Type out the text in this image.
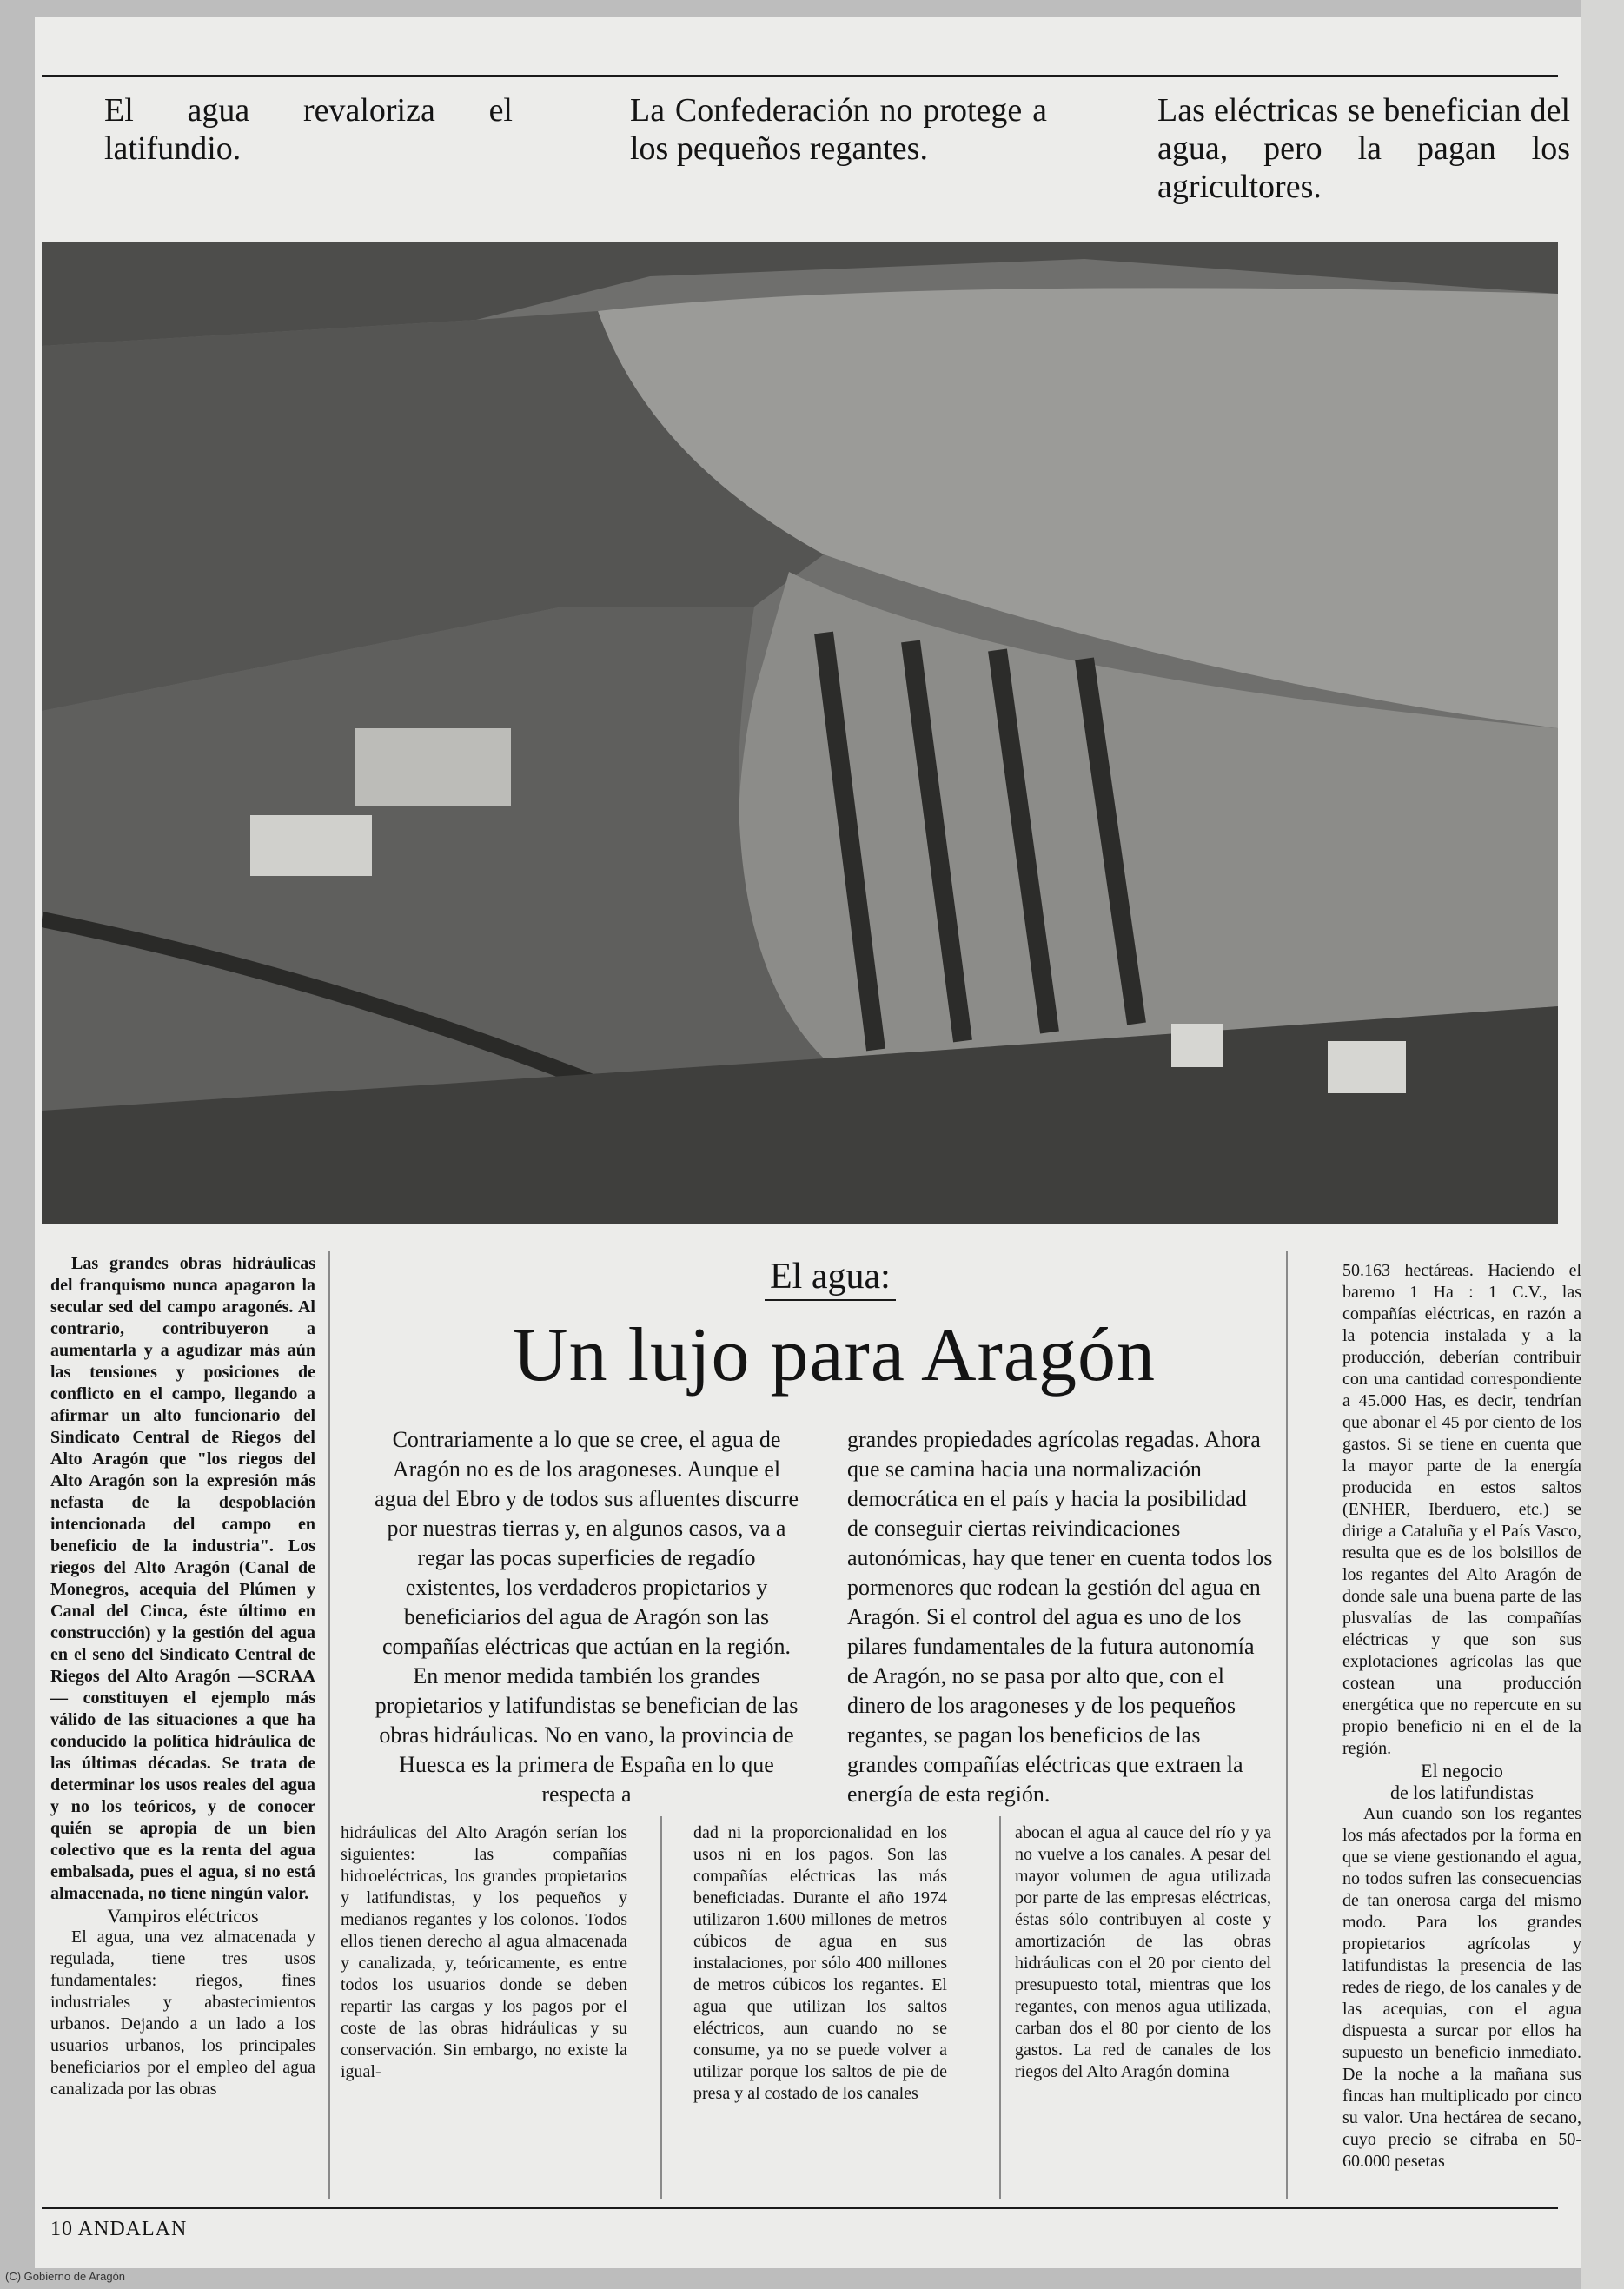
El agua revaloriza el latifundio.
La Confederación no protege a los pequeños regantes.
Las eléctricas se benefician del agua, pero la pagan los agricultores.

Las grandes obras hidráulicas del franquismo nunca apagaron la secular sed del campo aragonés. Al contrario, contribuyeron a aumentarla y a agudizar más aún las tensiones y posiciones de conflicto en el campo, llegando a afirmar un alto funcionario del Sindicato Central de Riegos del Alto Aragón que "los riegos del Alto Aragón son la expresión más nefasta de la despoblación intencionada del campo en beneficio de la industria". Los riegos del Alto Aragón (Canal de Monegros, acequia del Plúmen y Canal del Cinca, éste último en construcción) y la gestión del agua en el seno del Sindicato Central de Riegos del Alto Aragón —SCRAA— constituyen el ejemplo más válido de las situaciones a que ha conducido la política hidráulica de las últimas décadas. Se trata de determinar los usos reales del agua y no los teóricos, y de conocer quién se apropia de un bien colectivo que es la renta del agua embalsada, pues el agua, si no está almacenada, no tiene ningún valor.

Vampiros eléctricos

El agua, una vez almacenada y regulada, tiene tres usos fundamentales: riegos, fines industriales y abastecimientos urbanos. Dejando a un lado a los usuarios urbanos, los principales beneficiarios por el empleo del agua canalizada por las obras

El agua:
Un lujo para Aragón
Contrariamente a lo que se cree, el agua de Aragón no es de los aragoneses. Aunque el agua del Ebro y de todos sus afluentes discurre por nuestras tierras y, en algunos casos, va a regar las pocas superficies de regadío existentes, los verdaderos propietarios y beneficiarios del agua de Aragón son las compañías eléctricas que actúan en la región. En menor medida también los grandes propietarios y latifundistas se benefician de las obras hidráulicas. No en vano, la provincia de Huesca es la primera de España en lo que respecta a
grandes propiedades agrícolas regadas. Ahora que se camina hacia una normalización democrática en el país y hacia la posibilidad de conseguir ciertas reivindicaciones autonómicas, hay que tener en cuenta todos los pormenores que rodean la gestión del agua en Aragón. Si el control del agua es uno de los pilares fundamentales de la futura autonomía de Aragón, no se pasa por alto que, con el dinero de los aragoneses y de los pequeños regantes, se pagan los beneficios de las grandes compañías eléctricas que extraen la energía de esta región.

hidráulicas del Alto Aragón serían los siguientes: las compañías hidroeléctricas, los grandes propietarios y latifundistas, y los pequeños y medianos regantes y los colonos. Todos ellos tienen derecho al agua almacenada y canalizada, y, teóricamente, es entre todos los usuarios donde se deben repartir las cargas y los pagos por el coste de las obras hidráulicas y su conservación. Sin embargo, no existe la igual-

dad ni la proporcionalidad en los usos ni en los pagos. Son las compañías eléctricas las más beneficiadas. Durante el año 1974 utilizaron 1.600 millones de metros cúbicos de agua en sus instalaciones, por sólo 400 millones de metros cúbicos los regantes. El agua que utilizan los saltos eléctricos, aun cuando no se consume, ya no se puede volver a utilizar porque los saltos de pie de presa y al costado de los canales

abocan el agua al cauce del río y ya no vuelve a los canales. A pesar del mayor volumen de agua utilizada por parte de las empresas eléctricas, éstas sólo contribuyen al coste y amortización de las obras hidráulicas con el 20 por ciento del presupuesto total, mientras que los regantes, con menos agua utilizada, carban dos el 80 por ciento de los gastos. La red de canales de los riegos del Alto Aragón domina

50.163 hectáreas. Haciendo el baremo 1 Ha : 1 C.V., las compañías eléctricas, en razón a la potencia instalada y a la producción, deberían contribuir con una cantidad correspondiente a 45.000 Has, es decir, tendrían que abonar el 45 por ciento de los gastos. Si se tiene en cuenta que la mayor parte de la energía producida en estos saltos (ENHER, Iberduero, etc.) se dirige a Cataluña y el País Vasco, resulta que es de los bolsillos de los regantes del Alto Aragón de donde sale una buena parte de las plusvalías de las compañías eléctricas y que son sus explotaciones agrícolas las que costean una producción energética que no repercute en su propio beneficio ni en el de la región.

El negocio
de los latifundistas

Aun cuando son los regantes los más afectados por la forma en que se viene gestionando el agua, no todos sufren las consecuencias de tan onerosa carga del mismo modo. Para los grandes propietarios agrícolas y latifundistas la presencia de las redes de riego, de los canales y de las acequias, con el agua dispuesta a surcar por ellos ha supuesto un beneficio inmediato. De la noche a la mañana sus fincas han multiplicado por cinco su valor. Una hectárea de secano, cuyo precio se cifraba en 50-60.000 pesetas

10 ANDALAN
(C) Gobierno de Aragón
